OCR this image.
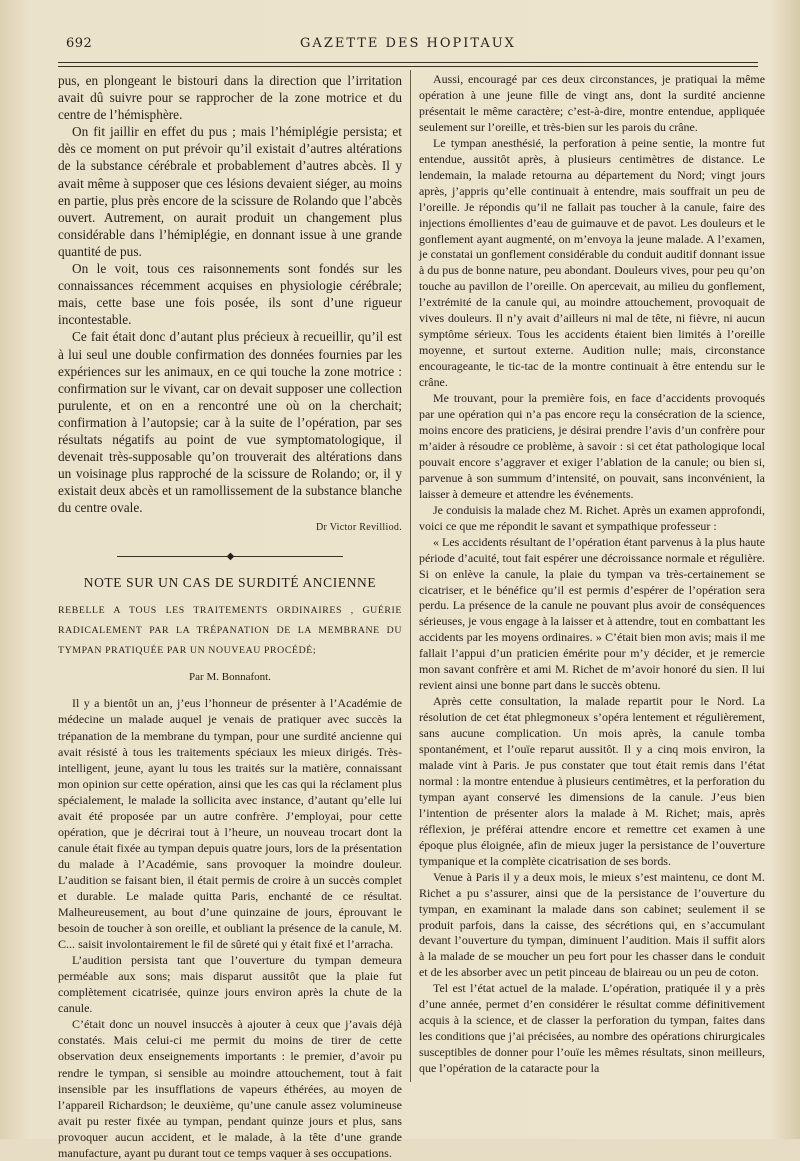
692	GAZETTE DES HOPITAUX

pus, en plongeant le bistouri dans la direction que l’irritation avait dû suivre pour se rapprocher de la zone motrice et du centre de l’hémisphère.

On fit jaillir en effet du pus ; mais l’hémiplégie persista; et dès ce moment on put prévoir qu’il existait d’autres altérations de la substance cérébrale et probablement d’autres abcès. Il y avait même à supposer que ces lésions devaient siéger, au moins en partie, plus près encore de la scissure de Rolando que l’abcès ouvert. Autrement, on aurait produit un changement plus considérable dans l’hémiplégie, en donnant issue à une grande quantité de pus.

On le voit, tous ces raisonnements sont fondés sur les connaissances récemment acquises en physiologie cérébrale; mais, cette base une fois posée, ils sont d’une rigueur incontestable.

Ce fait était donc d’autant plus précieux à recueillir, qu’il est à lui seul une double confirmation des données fournies par les expériences sur les animaux, en ce qui touche la zone motrice : confirmation sur le vivant, car on devait supposer une collection purulente, et on en a rencontré une où on la cherchait; confirmation à l’autopsie; car à la suite de l’opération, par ses résultats négatifs au point de vue symptomatologique, il devenait très-supposable qu’on trouverait des altérations dans un voisinage plus rapproché de la scissure de Rolando; or, il y existait deux abcès et un ramollissement de la substance blanche du centre ovale.

Dr Victor Revilliod.
◆
NOTE SUR UN CAS DE SURDITÉ ANCIENNE

REBELLE A TOUS LES TRAITEMENTS ORDINAIRES , GUÉRIE RADICALEMENT PAR LA TRÉPANATION DE LA MEMBRANE DU TYMPAN PRATIQUÉE PAR UN NOUVEAU PROCÉDÉ;

Par M. Bonnafont.

Il y a bientôt un an, j’eus l’honneur de présenter à l’Académie de médecine un malade auquel je venais de pratiquer avec succès la trépanation de la membrane du tympan, pour une surdité ancienne qui avait résisté à tous les traitements spéciaux les mieux dirigés. Très-intelligent, jeune, ayant lu tous les traités sur la matière, connaissant mon opinion sur cette opération, ainsi que les cas qui la réclament plus spécialement, le malade la sollicita avec instance, d’autant qu’elle lui avait été proposée par un autre confrère. J’employai, pour cette opération, que je décrirai tout à l’heure, un nouveau trocart dont la canule était fixée au tympan depuis quatre jours, lors de la présentation du malade à l’Académie, sans provoquer la moindre douleur. L’audition se faisant bien, il était permis de croire à un succès complet et durable. Le malade quitta Paris, enchanté de ce résultat. Malheureusement, au bout d’une quinzaine de jours, éprouvant le besoin de toucher à son oreille, et oubliant la présence de la canule, M. C... saisit involontairement le fil de sûreté qui y était fixé et l’arracha.

L’audition persista tant que l’ouverture du tympan demeura perméable aux sons; mais disparut aussitôt que la plaie fut complètement cicatrisée, quinze jours environ après la chute de la canule.

C’était donc un nouvel insuccès à ajouter à ceux que j’avais déjà constatés. Mais celui-ci me permit du moins de tirer de cette observation deux enseignements importants : le premier, d’avoir pu rendre le tympan, si sensible au moindre attouchement, tout à fait insensible par les insufflations de vapeurs éthérées, au moyen de l’appareil Richardson; le deuxième, qu’une canule assez volumineuse avait pu rester fixée au tympan, pendant quinze jours et plus, sans provoquer aucun accident, et le malade, à la tête d’une grande manufacture, ayant pu durant tout ce temps vaquer à ses occupations.

Aussi, encouragé par ces deux circonstances, je pratiquai la même opération à une jeune fille de vingt ans, dont la surdité ancienne présentait le même caractère; c’est-à-dire, montre entendue, appliquée seulement sur l’oreille, et très-bien sur les parois du crâne.

Le tympan anesthésié, la perforation à peine sentie, la montre fut entendue, aussitôt après, à plusieurs centimètres de distance. Le lendemain, la malade retourna au département du Nord; vingt jours après, j’appris qu’elle continuait à entendre, mais souffrait un peu de l’oreille. Je répondis qu’il ne fallait pas toucher à la canule, faire des injections émollientes d’eau de guimauve et de pavot. Les douleurs et le gonflement ayant augmenté, on m’envoya la jeune malade. A l’examen, je constatai un gonflement considérable du conduit auditif donnant issue à du pus de bonne nature, peu abondant. Douleurs vives, pour peu qu’on touche au pavillon de l’oreille. On apercevait, au milieu du gonflement, l’extrémité de la canule qui, au moindre attouchement, provoquait de vives douleurs. Il n’y avait d’ailleurs ni mal de tête, ni fièvre, ni aucun symptôme sérieux. Tous les accidents étaient bien limités à l’oreille moyenne, et surtout externe. Audition nulle; mais, circonstance encourageante, le tic-tac de la montre continuait à être entendu sur le crâne.

Me trouvant, pour la première fois, en face d’accidents provoqués par une opération qui n’a pas encore reçu la consécration de la science, moins encore des praticiens, je désirai prendre l’avis d’un confrère pour m’aider à résoudre ce problème, à savoir : si cet état pathologique local pouvait encore s’aggraver et exiger l’ablation de la canule; ou bien si, parvenue à son summum d’intensité, on pouvait, sans inconvénient, la laisser à demeure et attendre les événements.

Je conduisis la malade chez M. Richet. Après un examen approfondi, voici ce que me répondit le savant et sympathique professeur :

« Les accidents résultant de l’opération étant parvenus à la plus haute période d’acuité, tout fait espérer une décroissance normale et régulière. Si on enlève la canule, la plaie du tympan va très-certainement se cicatriser, et le bénéfice qu’il est permis d’espérer de l’opération sera perdu. La présence de la canule ne pouvant plus avoir de conséquences sérieuses, je vous engage à la laisser et à attendre, tout en combattant les accidents par les moyens ordinaires. » C’était bien mon avis; mais il me fallait l’appui d’un praticien émérite pour m’y décider, et je remercie mon savant confrère et ami M. Richet de m’avoir honoré du sien. Il lui revient ainsi une bonne part dans le succès obtenu.

Après cette consultation, la malade repartit pour le Nord. La résolution de cet état phlegmoneux s’opéra lentement et régulièrement, sans aucune complication. Un mois après, la canule tomba spontanément, et l’ouïe reparut aussitôt. Il y a cinq mois environ, la malade vint à Paris. Je pus constater que tout était remis dans l’état normal : la montre entendue à plusieurs centimètres, et la perforation du tympan ayant conservé les dimensions de la canule. J’eus bien l’intention de présenter alors la malade à M. Richet; mais, après réflexion, je préférai attendre encore et remettre cet examen à une époque plus éloignée, afin de mieux juger la persistance de l’ouverture tympanique et la complète cicatrisation de ses bords.

Venue à Paris il y a deux mois, le mieux s’est maintenu, ce dont M. Richet a pu s’assurer, ainsi que de la persistance de l’ouverture du tympan, en examinant la malade dans son cabinet; seulement il se produit parfois, dans la caisse, des sécrétions qui, en s’accumulant devant l’ouverture du tympan, diminuent l’audition. Mais il suffit alors à la malade de se moucher un peu fort pour les chasser dans le conduit et de les absorber avec un petit pinceau de blaireau ou un peu de coton.

Tel est l’état actuel de la malade. L’opération, pratiquée il y a près d’une année, permet d’en considérer le résultat comme définitivement acquis à la science, et de classer la perforation du tympan, faites dans les conditions que j’ai précisées, au nombre des opérations chirurgicales susceptibles de donner pour l’ouïe les mêmes résultats, sinon meilleurs, que l’opération de la cataracte pour la
